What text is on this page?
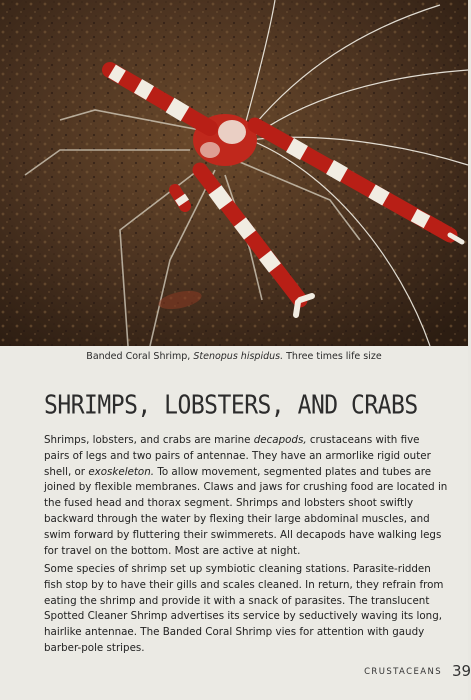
Banded Coral Shrimp, Stenopus hispidus. Three times life size
SHRIMPS, LOBSTERS, AND CRABS
Shrimps, lobsters, and crabs are marine decapods, crustaceans with five pairs of legs and two pairs of antennae. They have an armorlike rigid outer shell, or exoskeleton. To allow movement, segmented plates and tubes are joined by flexible membranes. Claws and jaws for crushing food are located in the fused head and thorax segment. Shrimps and lobsters shoot swiftly backward through the water by flexing their large abdominal muscles, and swim forward by fluttering their swimmerets. All decapods have walking legs for travel on the bottom. Most are active at night.
Some species of shrimp set up symbiotic cleaning stations. Parasite-ridden fish stop by to have their gills and scales cleaned. In return, they refrain from eating the shrimp and provide it with a snack of parasites. The translucent Spotted Cleaner Shrimp advertises its service by seductively waving its long, hairlike antennae. The Banded Coral Shrimp vies for attention with gaudy barber-pole stripes.
CRUSTACEANS 39
